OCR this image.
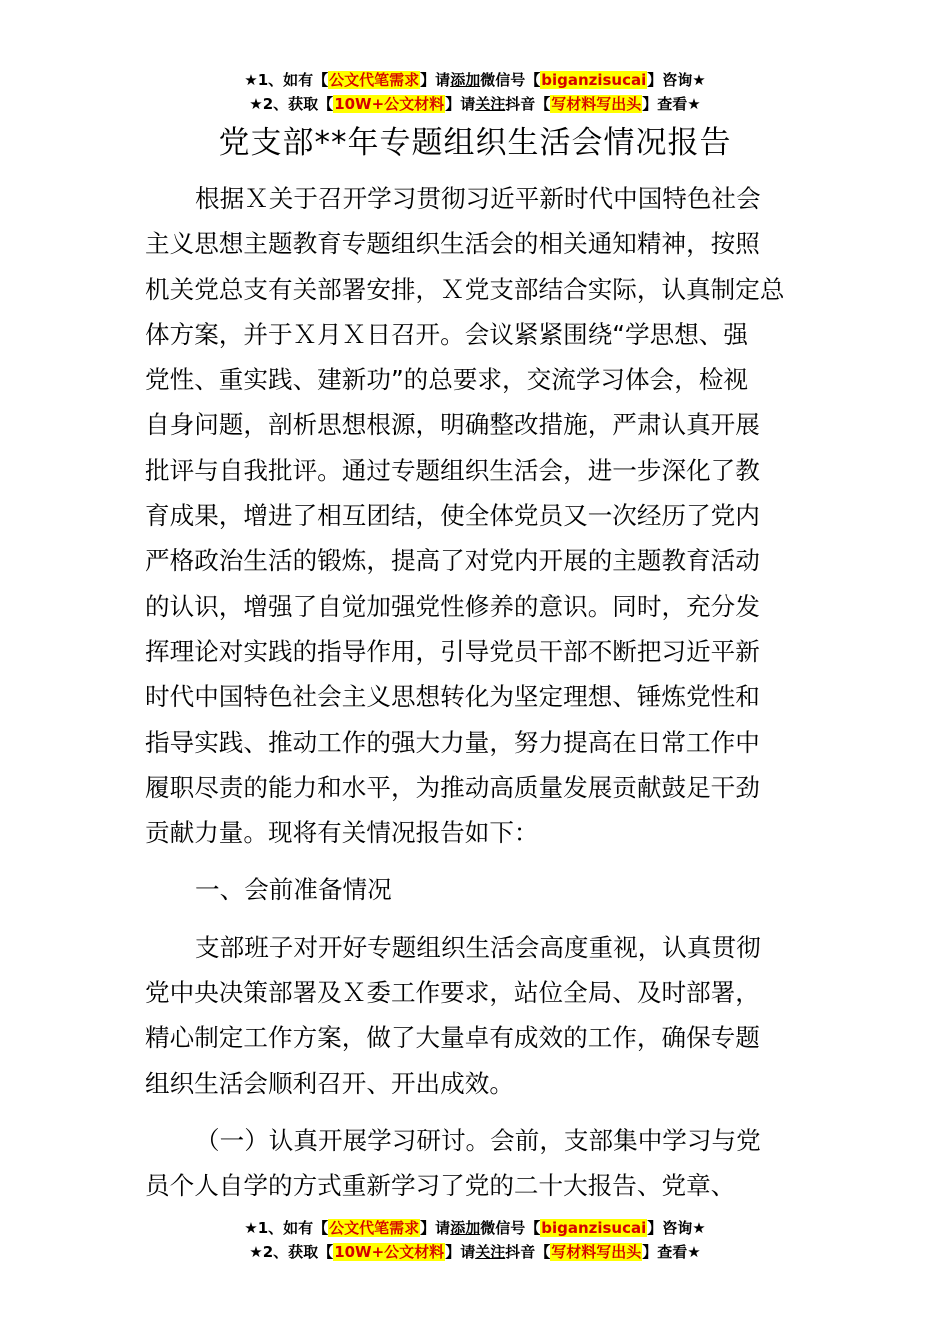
★1、如有【公文代笔需求】请添加微信号【biganzisucai】咨询★
★2、获取【10W+公文材料】请关注抖音【写材料写出头】查看★
党支部**年专题组织生活会情况报告
根据Ｘ关于召开学习贯彻习近平新时代中国特色社会
主义思想主题教育专题组织生活会的相关通知精神，按照
机关党总支有关部署安排，Ｘ党支部结合实际，认真制定总
体方案，并于Ｘ月Ｘ日召开。会议紧紧围绕“学思想、强
党性、重实践、建新功”的总要求，交流学习体会，检视
自身问题，剖析思想根源，明确整改措施，严肃认真开展
批评与自我批评。通过专题组织生活会，进一步深化了教
育成果，增进了相互团结，使全体党员又一次经历了党内
严格政治生活的锻炼，提高了对党内开展的主题教育活动
的认识，增强了自觉加强党性修养的意识。同时，充分发
挥理论对实践的指导作用，引导党员干部不断把习近平新
时代中国特色社会主义思想转化为坚定理想、锤炼党性和
指导实践、推动工作的强大力量，努力提高在日常工作中
履职尽责的能力和水平，为推动高质量发展贡献鼓足干劲
贡献力量。现将有关情况报告如下：
一、会前准备情况
支部班子对开好专题组织生活会高度重视，认真贯彻
党中央决策部署及Ｘ委工作要求，站位全局、及时部署，
精心制定工作方案，做了大量卓有成效的工作，确保专题
组织生活会顺利召开、开出成效。
（一）认真开展学习研讨。会前，支部集中学习与党
员个人自学的方式重新学习了党的二十大报告、党章、
★1、如有【公文代笔需求】请添加微信号【biganzisucai】咨询★
★2、获取【10W+公文材料】请关注抖音【写材料写出头】查看★
